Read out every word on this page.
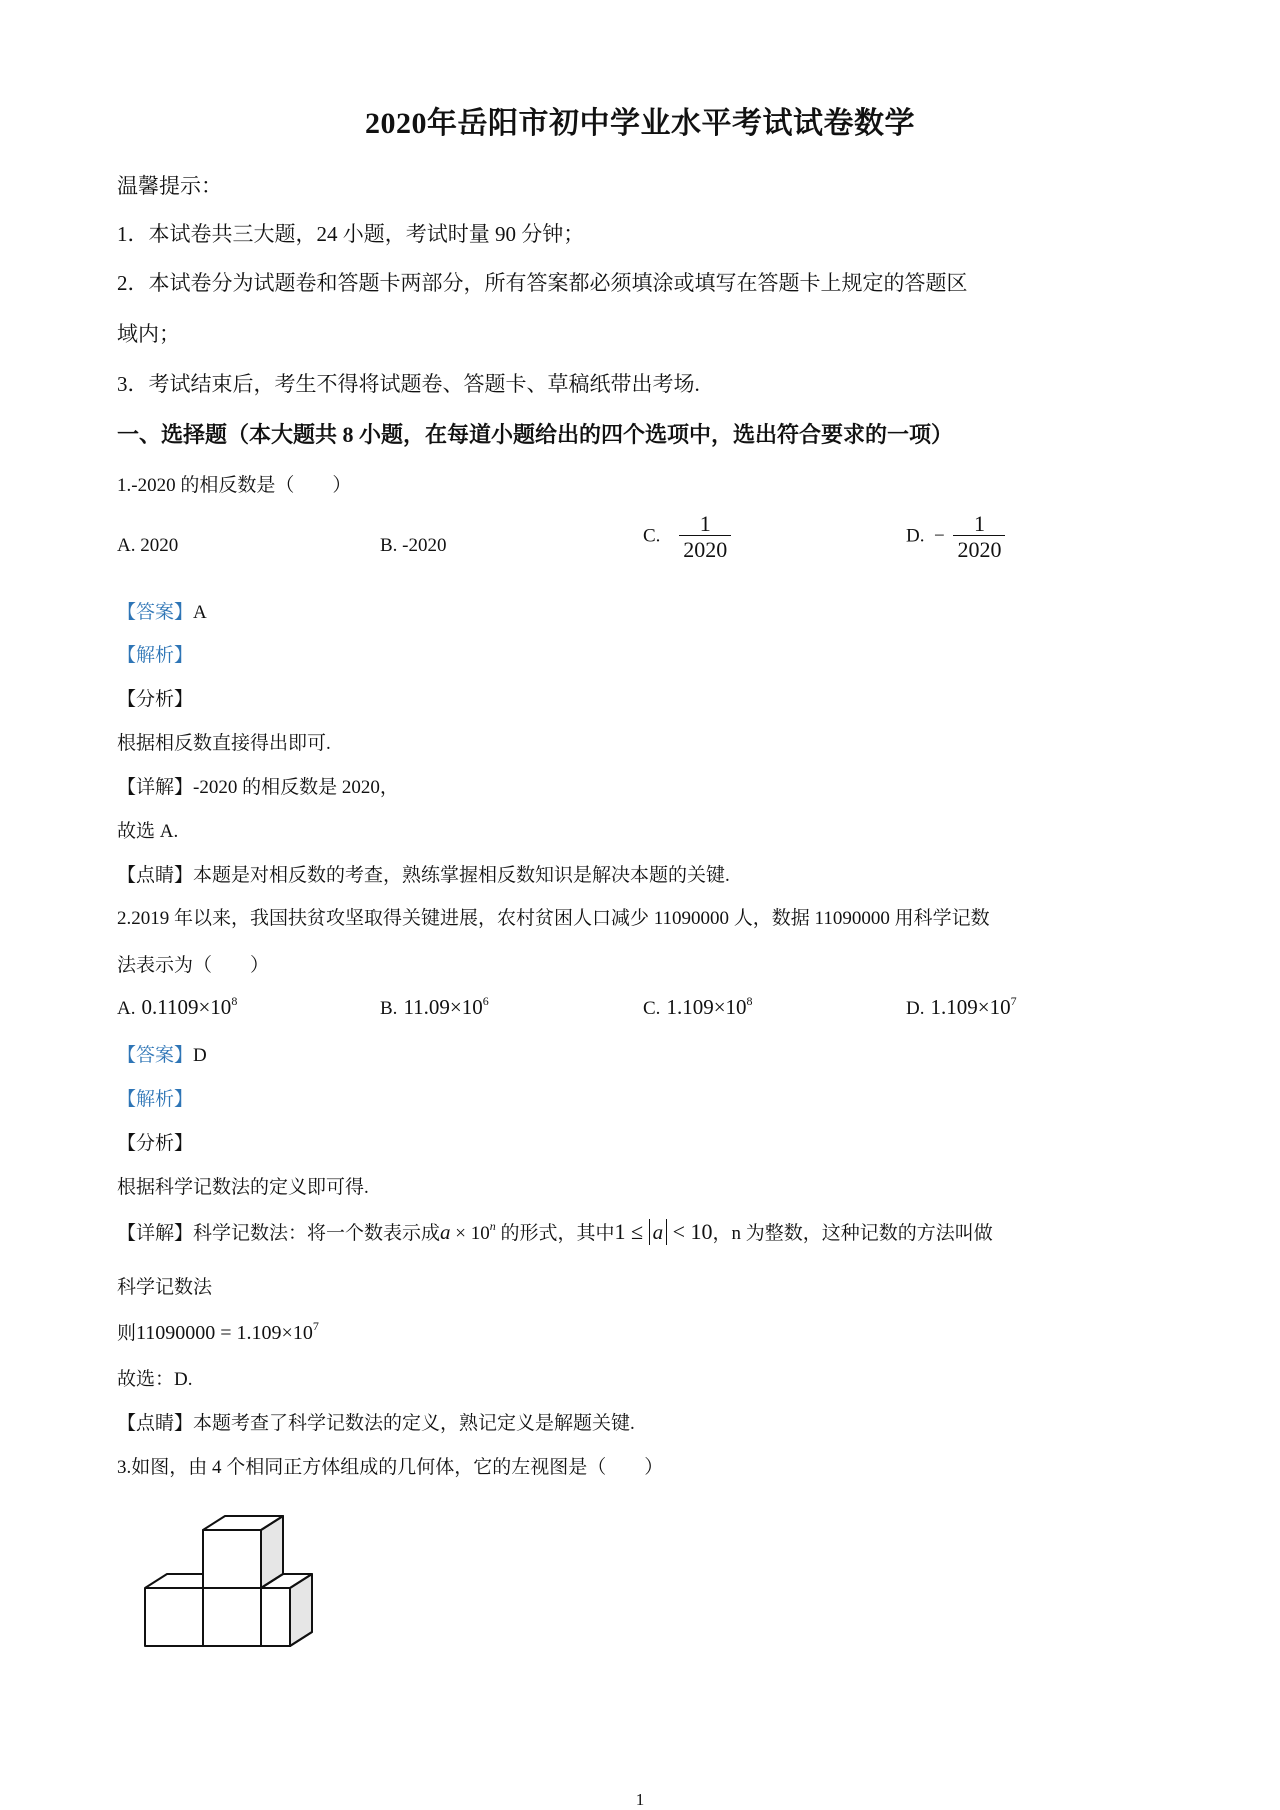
2020年岳阳市初中学业水平考试试卷数学
温馨提示：
1．本试卷共三大题，24 小题，考试时量 90 分钟；
2．本试卷分为试题卷和答题卡两部分，所有答案都必须填涂或填写在答题卡上规定的答题区
域内；
3．考试结束后，考生不得将试题卷、答题卡、草稿纸带出考场.
一、选择题（本大题共 8 小题，在每道小题给出的四个选项中，选出符合要求的一项）
1.-2020 的相反数是（　　）
A. 2020	B. -2020	C. $\frac{1}{2020}$	D.  − $\frac{1}{2020}$
【答案】A
【解析】
【分析】
根据相反数直接得出即可.
【详解】-2020 的相反数是 2020，
故选 A.
【点睛】本题是对相反数的考查，熟练掌握相反数知识是解决本题的关键.
2.2019 年以来，我国扶贫攻坚取得关键进展，农村贫困人口减少 11090000 人，数据 11090000 用科学记数
法表示为（　　）
A. $0.1109\times 10^8$	B. $11.09\times 10^6$	C. $1.109\times 10^8$	D. $1.109\times 10^7$
【答案】D
【解析】
【分析】
根据科学记数法的定义即可得.
【详解】科学记数法：将一个数表示成$a \times 10^n$ 的形式，其中1 ≤ a < 10，n 为整数，这种记数的方法叫做
科学记数法
则$11090000 = 1.109\times 10^7$
故选：D.
【点睛】本题考查了科学记数法的定义，熟记定义是解题关键.
3.如图，由 4 个相同正方体组成的几何体，它的左视图是（　　）
1
